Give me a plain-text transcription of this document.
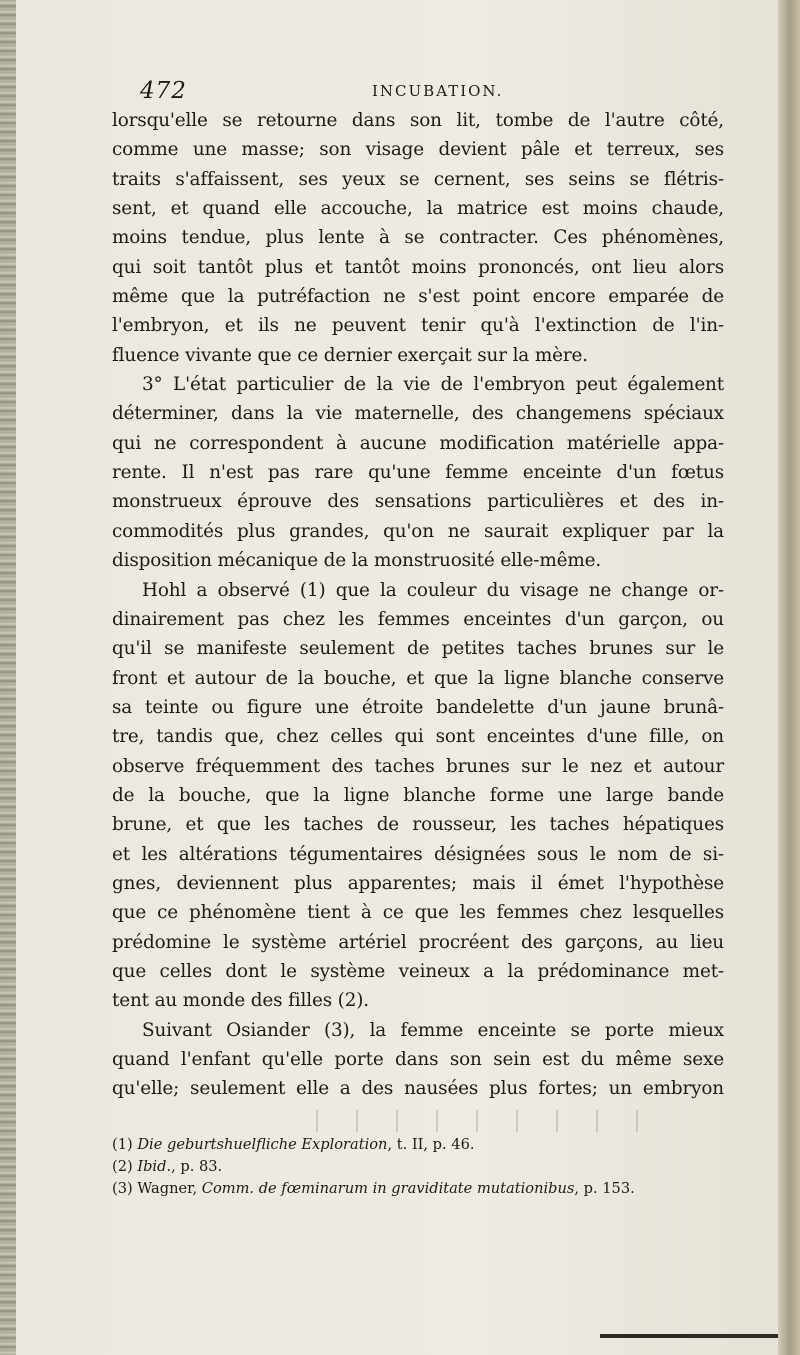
472	INCUBATION.
lorsqu'elle se retourne dans son lit, tombe de l'autre côté,
comme une masse; son visage devient pâle et terreux, ses
traits s'affaissent, ses yeux se cernent, ses seins se flétris-
sent, et quand elle accouche, la matrice est moins chaude,
moins tendue, plus lente à se contracter. Ces phénomènes,
qui soit tantôt plus et tantôt moins prononcés, ont lieu alors
même que la putréfaction ne s'est point encore emparée de
l'embryon, et ils ne peuvent tenir qu'à l'extinction de l'in-
fluence vivante que ce dernier exerçait sur la mère.
3° L'état particulier de la vie de l'embryon peut également
déterminer, dans la vie maternelle, des changemens spéciaux
qui ne correspondent à aucune modification matérielle appa-
rente. Il n'est pas rare qu'une femme enceinte d'un fœtus
monstrueux éprouve des sensations particulières et des in-
commodités plus grandes, qu'on ne saurait expliquer par la
disposition mécanique de la monstruosité elle-même.
Hohl a observé (1) que la couleur du visage ne change or-
dinairement pas chez les femmes enceintes d'un garçon, ou
qu'il se manifeste seulement de petites taches brunes sur le
front et autour de la bouche, et que la ligne blanche conserve
sa teinte ou figure une étroite bandelette d'un jaune brunâ-
tre, tandis que, chez celles qui sont enceintes d'une fille, on
observe fréquemment des taches brunes sur le nez et autour
de la bouche, que la ligne blanche forme une large bande
brune, et que les taches de rousseur, les taches hépatiques
et les altérations tégumentaires désignées sous le nom de si-
gnes, deviennent plus apparentes; mais il émet l'hypothèse
que ce phénomène tient à ce que les femmes chez lesquelles
prédomine le système artériel procréent des garçons, au lieu
que celles dont le système veineux a la prédominance met-
tent au monde des filles (2).
Suivant Osiander (3), la femme enceinte se porte mieux
quand l'enfant qu'elle porte dans son sein est du même sexe
qu'elle; seulement elle a des nausées plus fortes; un embryon
(1) Die geburtshuelfliche Exploration, t. II, p. 46.
(2) Ibid., p. 83.
(3) Wagner, Comm. de fœminarum in graviditate mutationibus, p. 153.
